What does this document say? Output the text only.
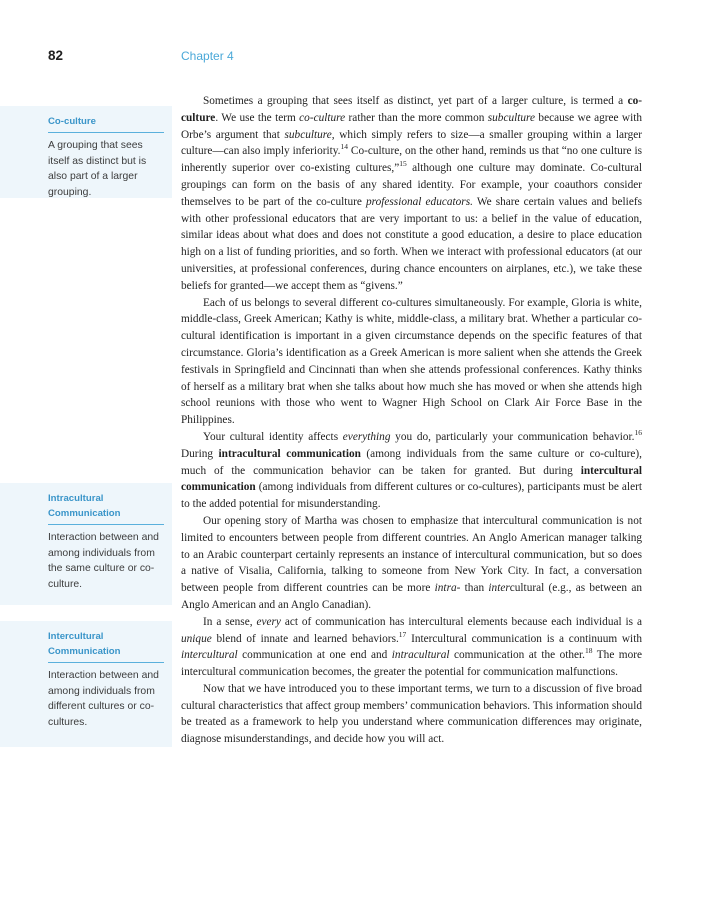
82	Chapter 4
Co-culture
A grouping that sees itself as distinct but is also part of a larger grouping.
Intracultural Communication
Interaction between and among individuals from the same culture or co-culture.
Intercultural Communication
Interaction between and among individuals from different cultures or co-cultures.

Sometimes a grouping that sees itself as distinct, yet part of a larger culture, is termed a co-culture. We use the term co-culture rather than the more common subculture because we agree with Orbe’s argument that subculture, which simply refers to size—a smaller grouping within a larger culture—can also imply inferiority.$^{14}$ Co-culture, on the other hand, reminds us that “no one culture is inherently superior over co-existing cultures,”$^{15}$ although one culture may dominate. Co-cultural groupings can form on the basis of any shared identity. For example, your coauthors consider themselves to be part of the co-culture professional educators. We share certain values and beliefs with other professional educators that are very important to us: a belief in the value of education, similar ideas about what does and does not constitute a good education, a desire to place education high on a list of funding priorities, and so forth. When we interact with professional educators (at our universities, at professional conferences, during chance encounters on airplanes, etc.), we take these beliefs for granted—we accept them as “givens.”

Each of us belongs to several different co-cultures simultaneously. For example, Gloria is white, middle-class, Greek American; Kathy is white, middle-class, a military brat. Whether a particular co-cultural identification is important in a given circumstance depends on the specific features of that circumstance. Gloria’s identification as a Greek American is more salient when she attends the Greek festivals in Springfield and Cincinnati than when she attends professional conferences. Kathy thinks of herself as a military brat when she talks about how much she has moved or when she attends high school reunions with those who went to Wagner High School on Clark Air Force Base in the Philippines.

Your cultural identity affects everything you do, particularly your communication behavior.$^{16}$ During intracultural communication (among individuals from the same culture or co-culture), much of the communication behavior can be taken for granted. But during intercultural communication (among individuals from different cultures or co-cultures), participants must be alert to the added potential for misunderstanding.

Our opening story of Martha was chosen to emphasize that intercultural communication is not limited to encounters between people from different countries. An Anglo American manager talking to an Arabic counterpart certainly represents an instance of intercultural communication, but so does a native of Visalia, California, talking to someone from New York City. In fact, a conversation between people from different countries can be more intra- than intercultural (e.g., as between an Anglo American and an Anglo Canadian).

In a sense, every act of communication has intercultural elements because each individual is a unique blend of innate and learned behaviors.$^{17}$ Intercultural communication is a continuum with intercultural communication at one end and intracultural communication at the other.$^{18}$ The more intercultural communication becomes, the greater the potential for communication malfunctions.

Now that we have introduced you to these important terms, we turn to a discussion of five broad cultural characteristics that affect group members’ communication behaviors. This information should be treated as a framework to help you understand where communication differences may originate, diagnose misunderstandings, and decide how you will act.
